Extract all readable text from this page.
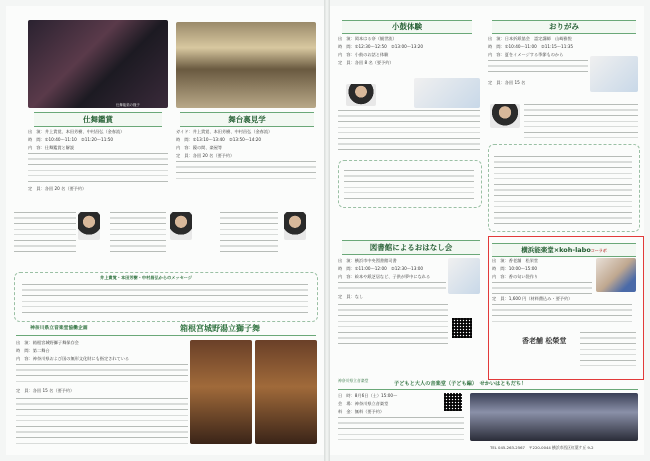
仕舞能楽の様子
仕舞鑑賞	舞台裏見学
出　演：井上貴覚、本田芳樹、中村昌弘（金春流）
時　間：①10:40〜11:10　②11:20〜11:50
内　容：仕舞鑑賞と解説
定　員：各回 20 名（要予約）
ガイド：井上貴覚、本田芳樹、中村昌弘（金春流）
時　間：①13:10〜13:40　②13:50〜14:20
内　容：鏡の間、楽屋等
定　員：各回 20 名（要予約）
井上貴覚・本田芳樹・中村昌弘からのメッセージ
神奈川県立音楽堂協働企画	箱根宮城野湯立獅子舞
出　演：箱根宮城野獅子舞保存会
時　間：第二舞台
内　容：神奈川県および国の無形文化財にも指定されている
定　員：各回 15 名（要予約）
小鼓体験
出　演：岡本はる奈（観世流）
時　間：①12:30〜12:50　②13:00〜13:20
内　容：小鼓のお話と体験
定　員：各回 8 名（要予約）
おりがみ
出　演：日本折紙協会　認定講師　山崎雅悦
時　間：①10:40〜11:00　②11:15〜11:35
内　容：夏をイメージする季節ものから
定　員：各回 15 名
図書館によるおはなし会
出　演：横浜市中央図書館司書
時　間：①11:00〜12:00　②12:30〜13:00
内　容：絵本や紙芝居など、子供が夢中になれる
定　員：なし
横浜能楽堂×koh-laboコーラボ
出　演：香老舗　松栄堂
時　間：10:00〜15:00
内　容：香の匂い袋作り
定　員：1,600 円（材料費込み・要予約）
香老舗 松榮堂
神奈川県立音楽堂
子どもと大人の音楽堂（子ども編）　せかいはともだち！
日　時：8月6日（土）15:00〜
会　場：神奈川県立音楽堂
料　金：無料（要予約）
TEL 045-263-2567　〒220-0044 横浜市西区紅葉ケ丘 9-2
